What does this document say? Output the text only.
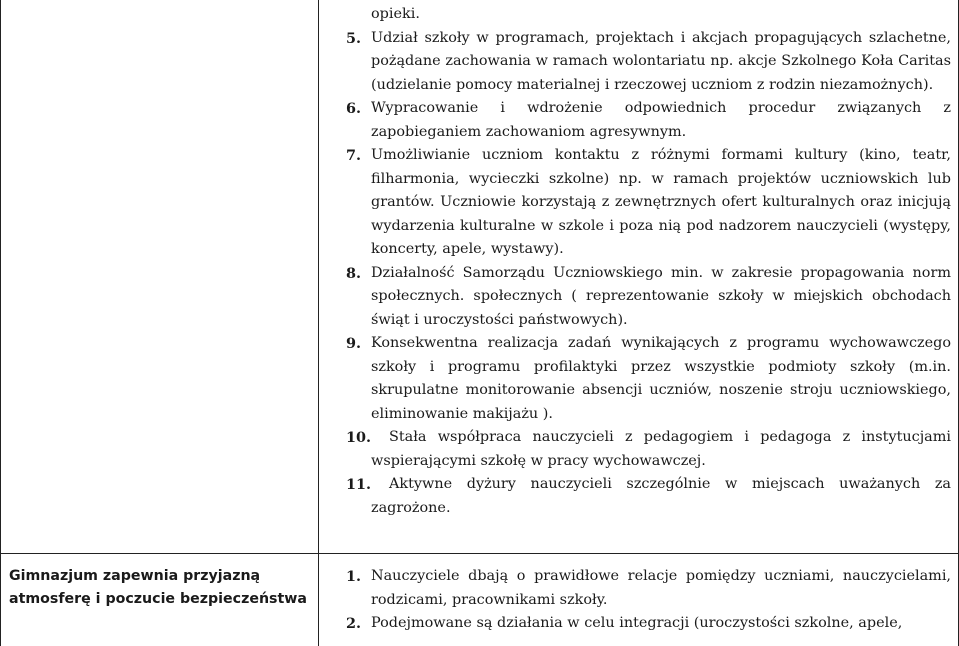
opieki.
5. Udział szkoły w programach, projektach i akcjach propagujących szlachetne, pożądane zachowania w ramach wolontariatu np. akcje Szkolnego Koła Caritas (udzielanie pomocy materialnej i rzeczowej uczniom z rodzin niezamożnych).
6. Wypracowanie i wdrożenie odpowiednich procedur związanych z zapobieganiem zachowaniom agresywnym.
7. Umożliwianie uczniom kontaktu z różnymi formami kultury (kino, teatr, filharmonia, wycieczki szkolne) np. w ramach projektów uczniowskich lub grantów. Uczniowie korzystają z zewnętrznych ofert kulturalnych oraz inicjują wydarzenia kulturalne w szkole i poza nią pod nadzorem nauczycieli (występy, koncerty, apele, wystawy).
8. Działalność Samorządu Uczniowskiego min. w zakresie propagowania norm społecznych. społecznych ( reprezentowanie szkoły w miejskich obchodach świąt i uroczystości państwowych).
9. Konsekwentna realizacja zadań wynikających z programu wychowawczego szkoły i programu profilaktyki przez wszystkie podmioty szkoły (m.in. skrupulatne monitorowanie absencji uczniów, noszenie stroju uczniowskiego, eliminowanie makijażu ).
10.	Stała współpraca nauczycieli z pedagogiem i pedagoga z instytucjami wspierającymi szkołę w pracy wychowawczej.
11.	Aktywne dyżury nauczycieli szczególnie w miejscach uważanych za zagrożone.
Gimnazjum zapewnia przyjazną atmosferę i poczucie bezpieczeństwa
1. Nauczyciele dbają o prawidłowe relacje pomiędzy uczniami, nauczycielami, rodzicami, pracownikami szkoły.
2. Podejmowane są działania w celu integracji (uroczystości szkolne, apele,
